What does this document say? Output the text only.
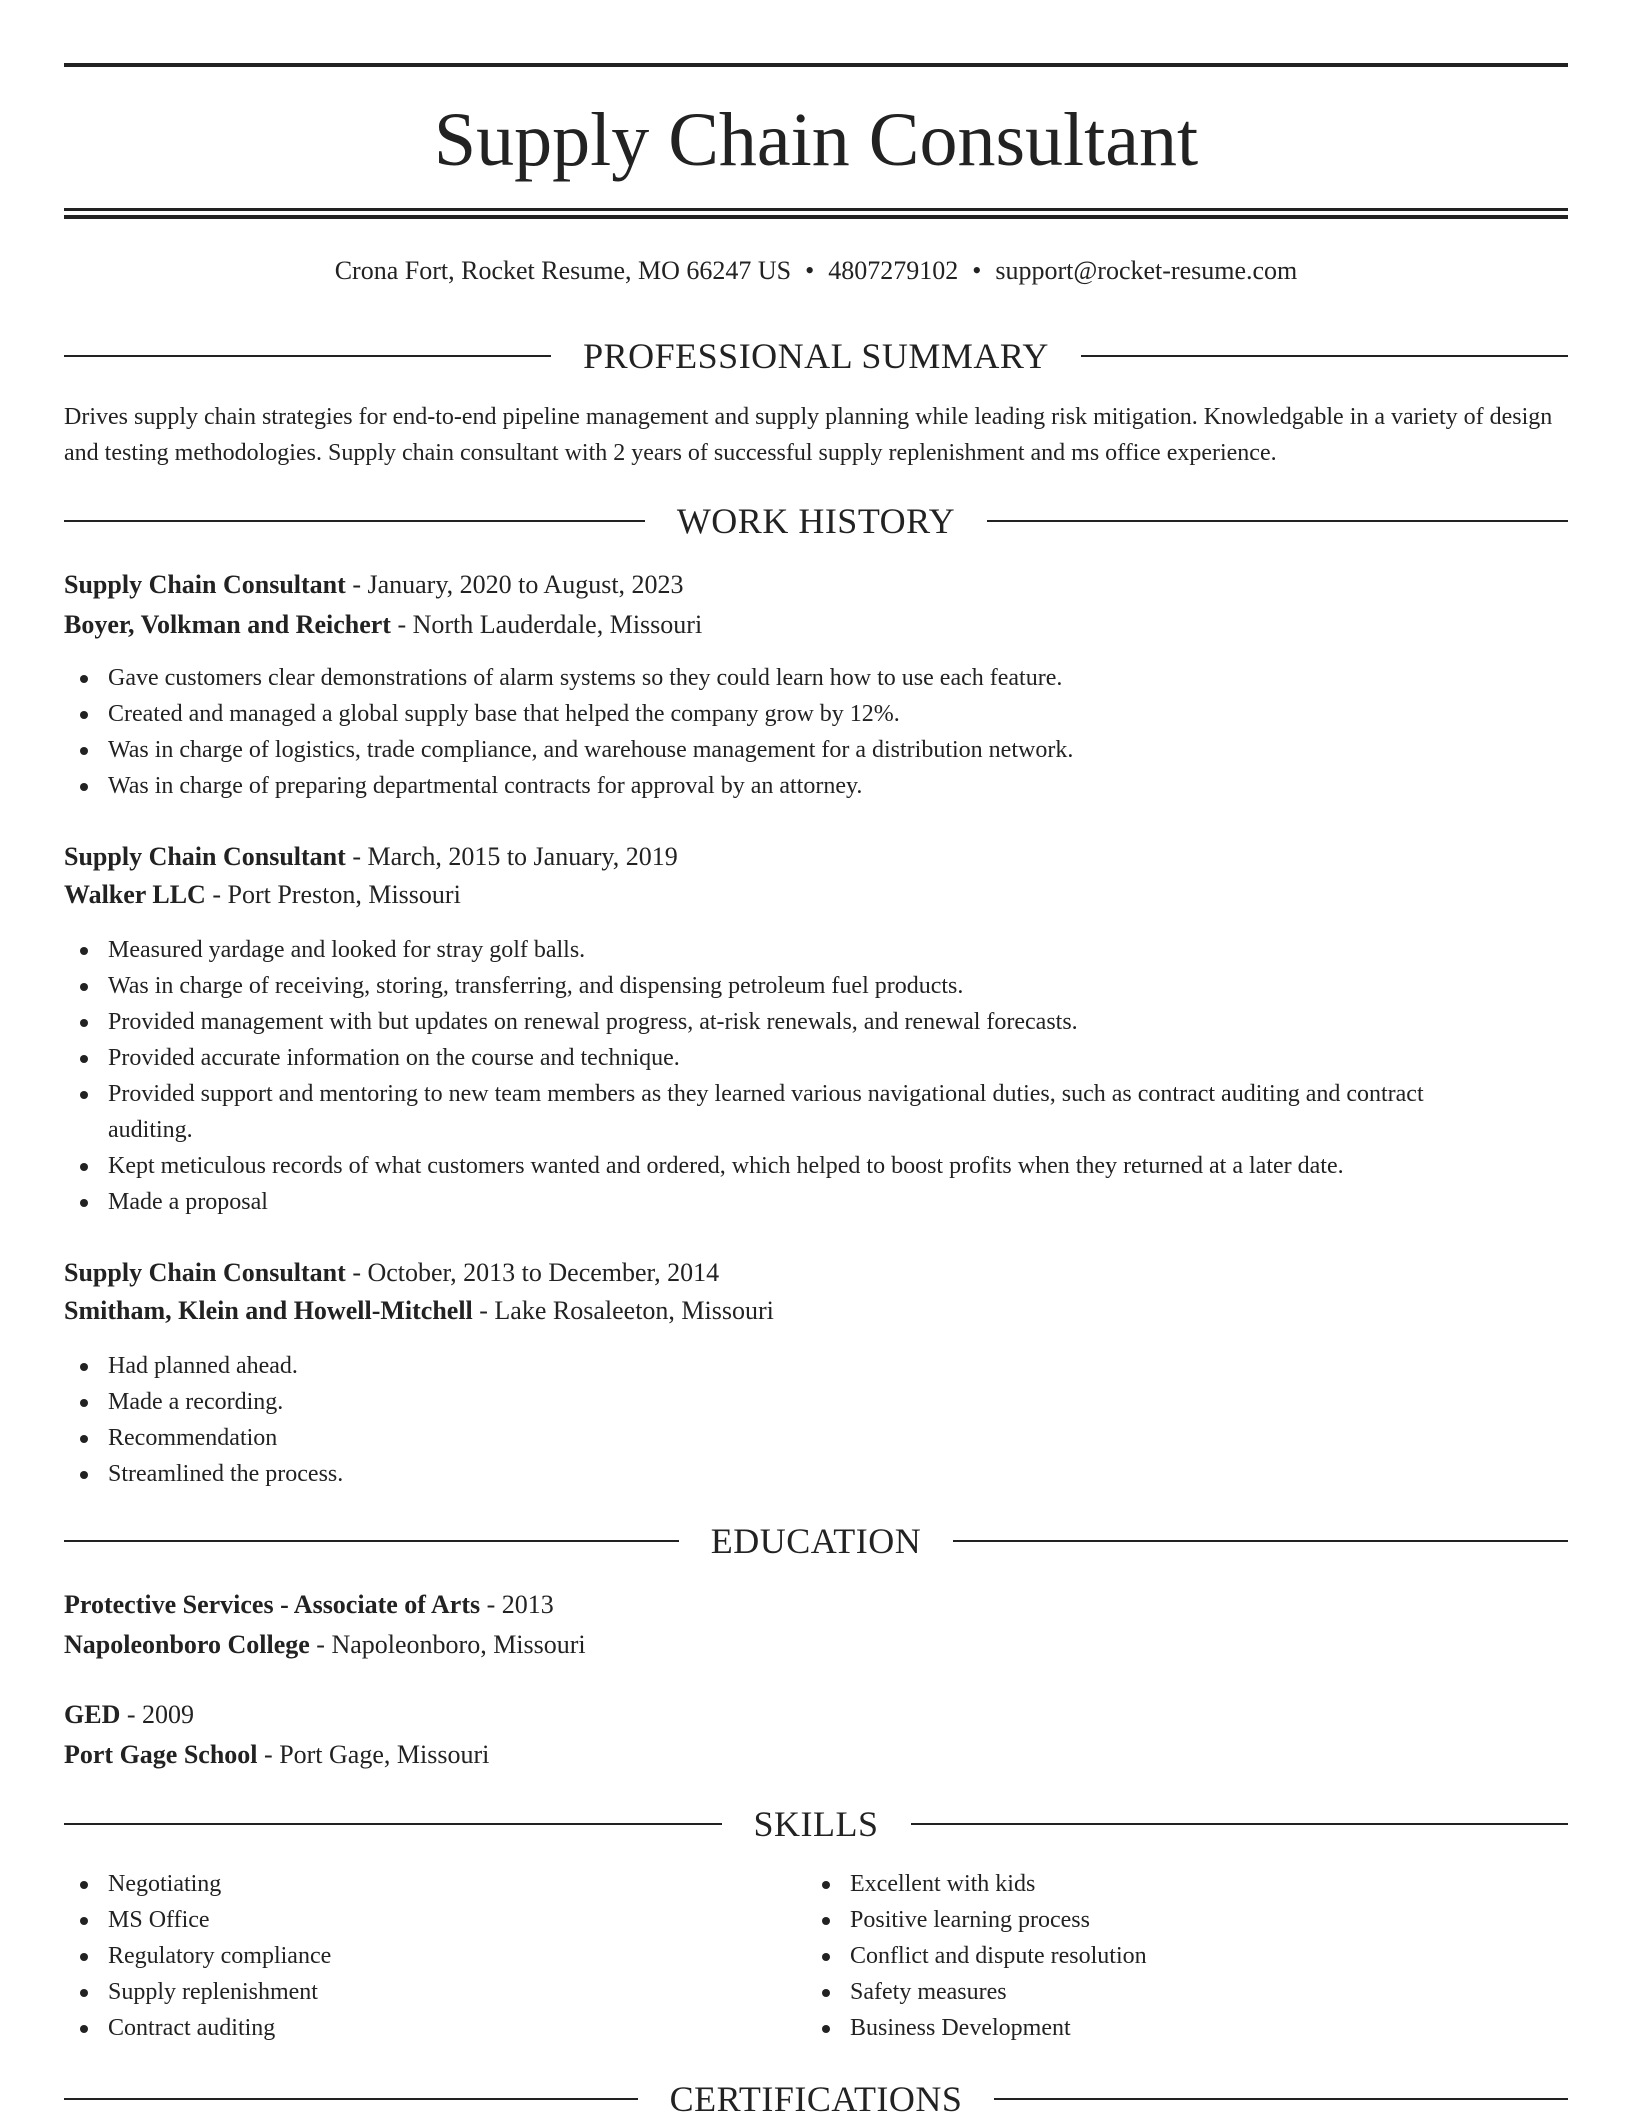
Supply Chain Consultant
Crona Fort, Rocket Resume, MO 66247 US • 4807279102 • support@rocket-resume.com
PROFESSIONAL SUMMARY
Drives supply chain strategies for end-to-end pipeline management and supply planning while leading risk mitigation. Knowledgable in a variety of design and testing methodologies. Supply chain consultant with 2 years of successful supply replenishment and ms office experience.
WORK HISTORY
Supply Chain Consultant - January, 2020 to August, 2023
Boyer, Volkman and Reichert - North Lauderdale, Missouri
Gave customers clear demonstrations of alarm systems so they could learn how to use each feature.
Created and managed a global supply base that helped the company grow by 12%.
Was in charge of logistics, trade compliance, and warehouse management for a distribution network.
Was in charge of preparing departmental contracts for approval by an attorney.
Supply Chain Consultant - March, 2015 to January, 2019
Walker LLC - Port Preston, Missouri
Measured yardage and looked for stray golf balls.
Was in charge of receiving, storing, transferring, and dispensing petroleum fuel products.
Provided management with but updates on renewal progress, at-risk renewals, and renewal forecasts.
Provided accurate information on the course and technique.
Provided support and mentoring to new team members as they learned various navigational duties, such as contract auditing and contract auditing.
Kept meticulous records of what customers wanted and ordered, which helped to boost profits when they returned at a later date.
Made a proposal
Supply Chain Consultant - October, 2013 to December, 2014
Smitham, Klein and Howell-Mitchell - Lake Rosaleeton, Missouri
Had planned ahead.
Made a recording.
Recommendation
Streamlined the process.
EDUCATION
Protective Services - Associate of Arts - 2013
Napoleonboro College - Napoleonboro, Missouri
GED - 2009
Port Gage School - Port Gage, Missouri
SKILLS
Negotiating
MS Office
Regulatory compliance
Supply replenishment
Contract auditing
Excellent with kids
Positive learning process
Conflict and dispute resolution
Safety measures
Business Development
CERTIFICATIONS
